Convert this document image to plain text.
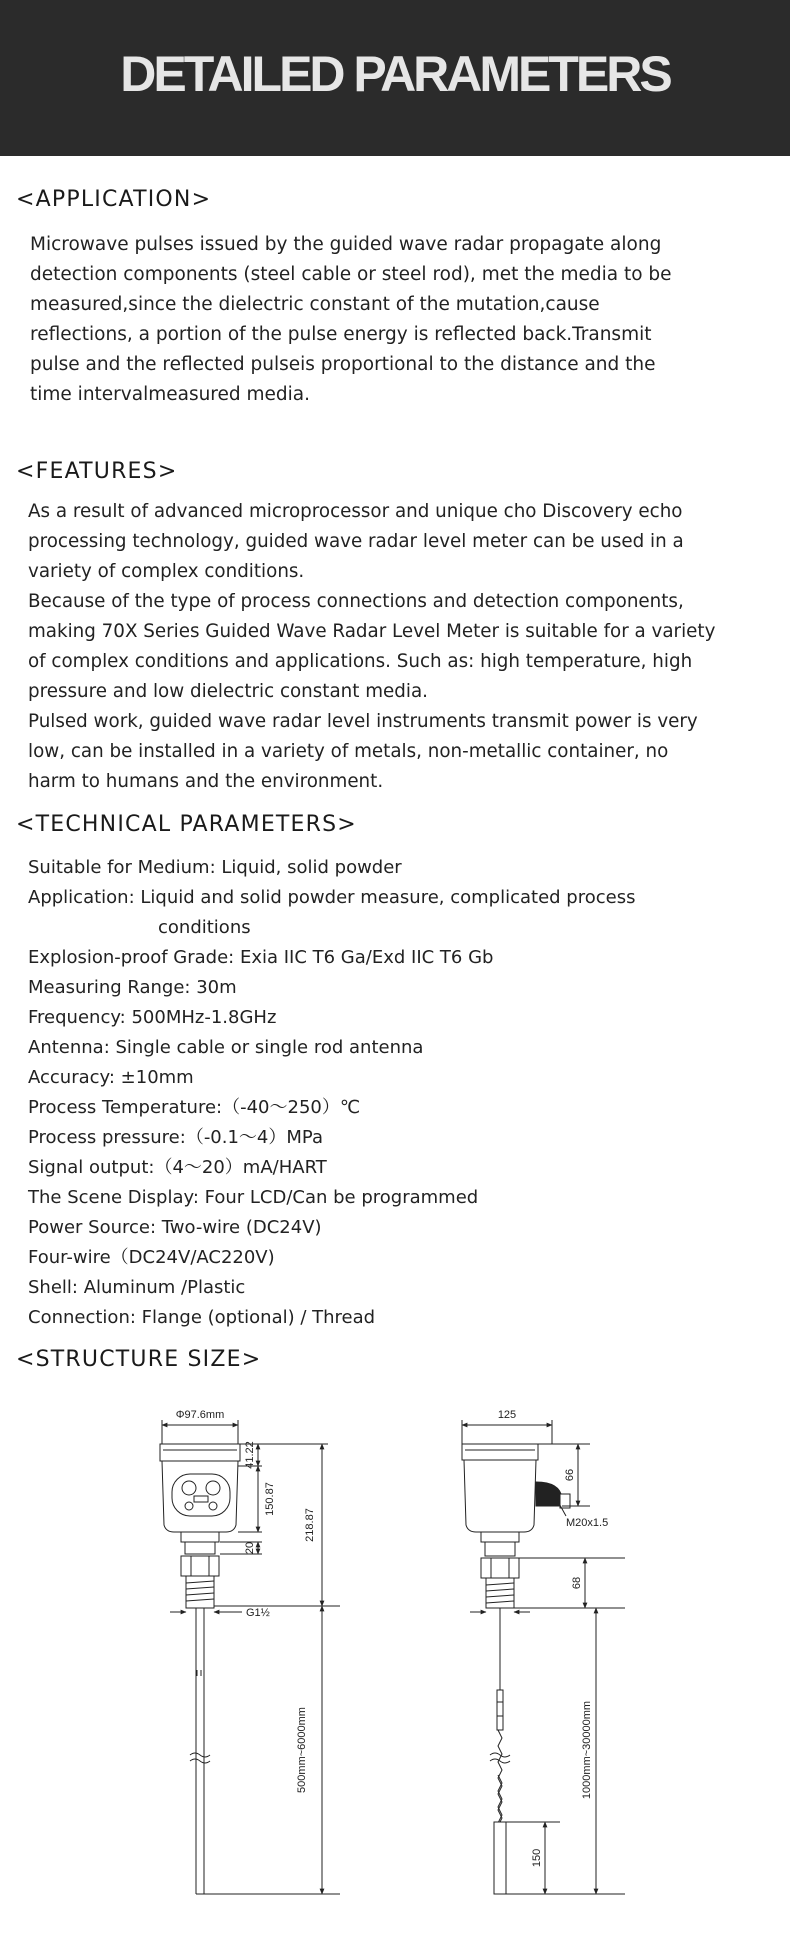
DETAILED PARAMETERS
<APPLICATION>
Microwave pulses issued by the guided wave radar propagate along
detection components (steel cable or steel rod), met the media to be
measured,since the dielectric constant of the mutation,cause
reflections, a portion of the pulse energy is reflected back.Transmit
pulse and the reflected pulseis proportional to the distance and the
time intervalmeasured media.
<FEATURES>
As a result of advanced microprocessor and unique cho Discovery echo
processing technology, guided wave radar level meter can be used in a
variety of complex conditions.
Because of the type of process connections and detection components,
making 70X Series Guided Wave Radar Level Meter is suitable for a variety
of complex conditions and applications. Such as: high temperature, high
pressure and low dielectric constant media.
Pulsed work, guided wave radar level instruments transmit power is very
low, can be installed in a variety of metals, non-metallic container, no
harm to humans and the environment.
<TECHNICAL PARAMETERS>
Suitable for Medium: Liquid, solid powder
Application: Liquid and solid powder measure, complicated process
conditions
Explosion-proof Grade: Exia IIC T6 Ga/Exd IIC T6 Gb
Measuring Range: 30m
Frequency: 500MHz-1.8GHz
Antenna: Single cable or single rod antenna
Accuracy: ±10mm
Process Temperature:（-40～250）℃
Process pressure:（-0.1～4）MPa
Signal output:（4～20）mA/HART
The Scene Display: Four LCD/Can be programmed
Power Source: Two-wire (DC24V)
Four-wire（DC24V/AC220V)
Shell: Aluminum /Plastic
Connection: Flange (optional) / Thread
<STRUCTURE SIZE>
Φ97.6mm
41.22
150.87
20
218.87
G1½
500mm~6000mm
125
66
M20x1.5
68
1000mm~30000mm
150
